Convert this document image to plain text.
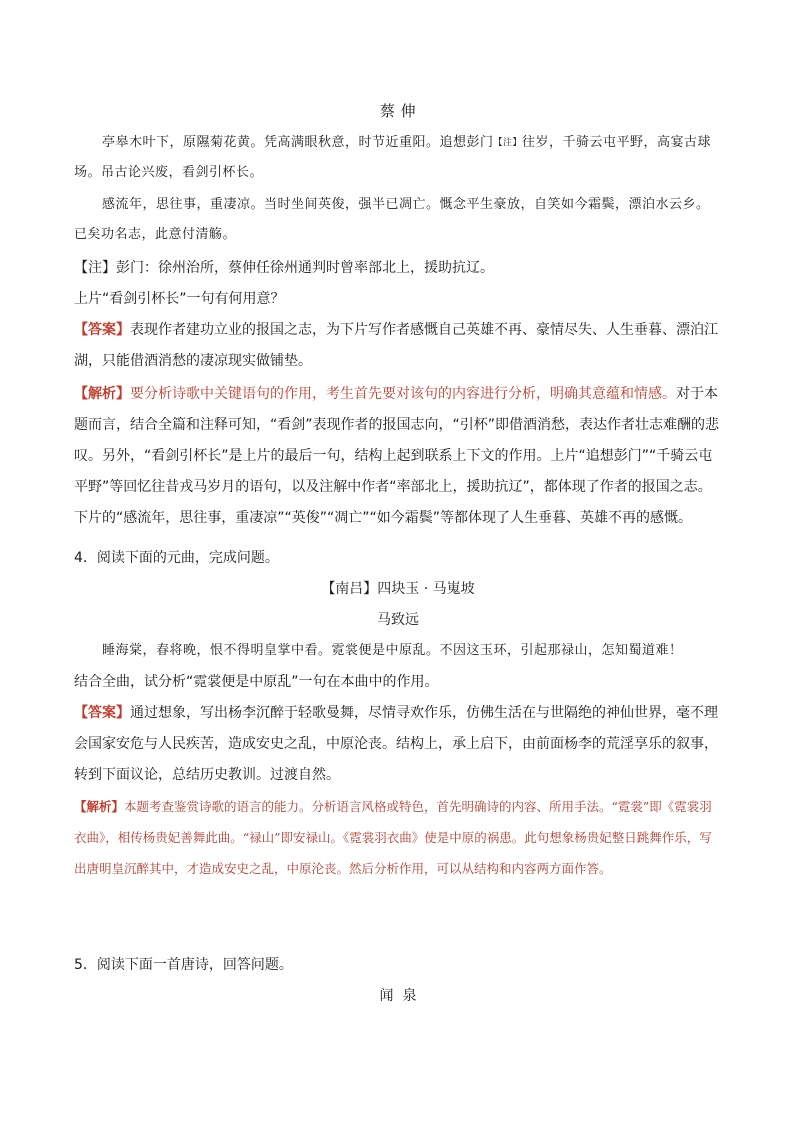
蔡 伸
亭皋木叶下，原隰菊花黄。凭高满眼秋意，时节近重阳。追想彭门$^{【注】}$往岁，千骑云屯平野，高宴古球场。吊古论兴废，看剑引杯长。
感流年，思往事，重凄凉。当时坐间英俊，强半已凋亡。慨念平生豪放，自笑如今霜鬓，漂泊水云乡。已矣功名志，此意付清觞。
【注】彭门：徐州治所，蔡伸任徐州通判时曾率部北上，援助抗辽。
上片“看剑引杯长”一句有何用意？
【答案】表现作者建功立业的报国之志，为下片写作者感慨自己英雄不再、豪情尽失、人生垂暮、漂泊江湖，只能借酒消愁的凄凉现实做铺垫。
【解析】要分析诗歌中关键语句的作用，考生首先要对该句的内容进行分析，明确其意蕴和情感。对于本题而言，结合全篇和注释可知，“看剑”表现作者的报国志向，“引杯”即借酒消愁，表达作者壮志难酬的悲叹。另外，“看剑引杯长”是上片的最后一句，结构上起到联系上下文的作用。上片“追想彭门”“千骑云屯平野”等回忆往昔戎马岁月的语句，以及注解中作者“率部北上，援助抗辽”，都体现了作者的报国之志。下片的“感流年，思往事，重凄凉”“英俊”“凋亡”“如今霜鬓”等都体现了人生垂暮、英雄不再的感慨。
4．阅读下面的元曲，完成问题。
【南吕】四块玉 · 马嵬坡
马致远
睡海棠，春将晚，恨不得明皇掌中看。霓裳便是中原乱。不因这玉环，引起那禄山，怎知蜀道难！
结合全曲，试分析“霓裳便是中原乱”一句在本曲中的作用。
【答案】通过想象，写出杨李沉醉于轻歌曼舞，尽情寻欢作乐，仿佛生活在与世隔绝的神仙世界，毫不理会国家安危与人民疾苦，造成安史之乱，中原沦丧。结构上，承上启下，由前面杨李的荒淫享乐的叙事，转到下面议论，总结历史教训。过渡自然。
【解析】本题考查鉴赏诗歌的语言的能力。分析语言风格或特色，首先明确诗的内容、所用手法。“霓裳”即《霓裳羽衣曲》，相传杨贵妃善舞此曲。“禄山”即安禄山。《霓裳羽衣曲》使是中原的祸患。此句想象杨贵妃整日跳舞作乐，写出唐明皇沉醉其中，才造成安史之乱，中原沦丧。然后分析作用，可以从结构和内容两方面作答。
5．阅读下面一首唐诗，回答问题。
闻  泉
